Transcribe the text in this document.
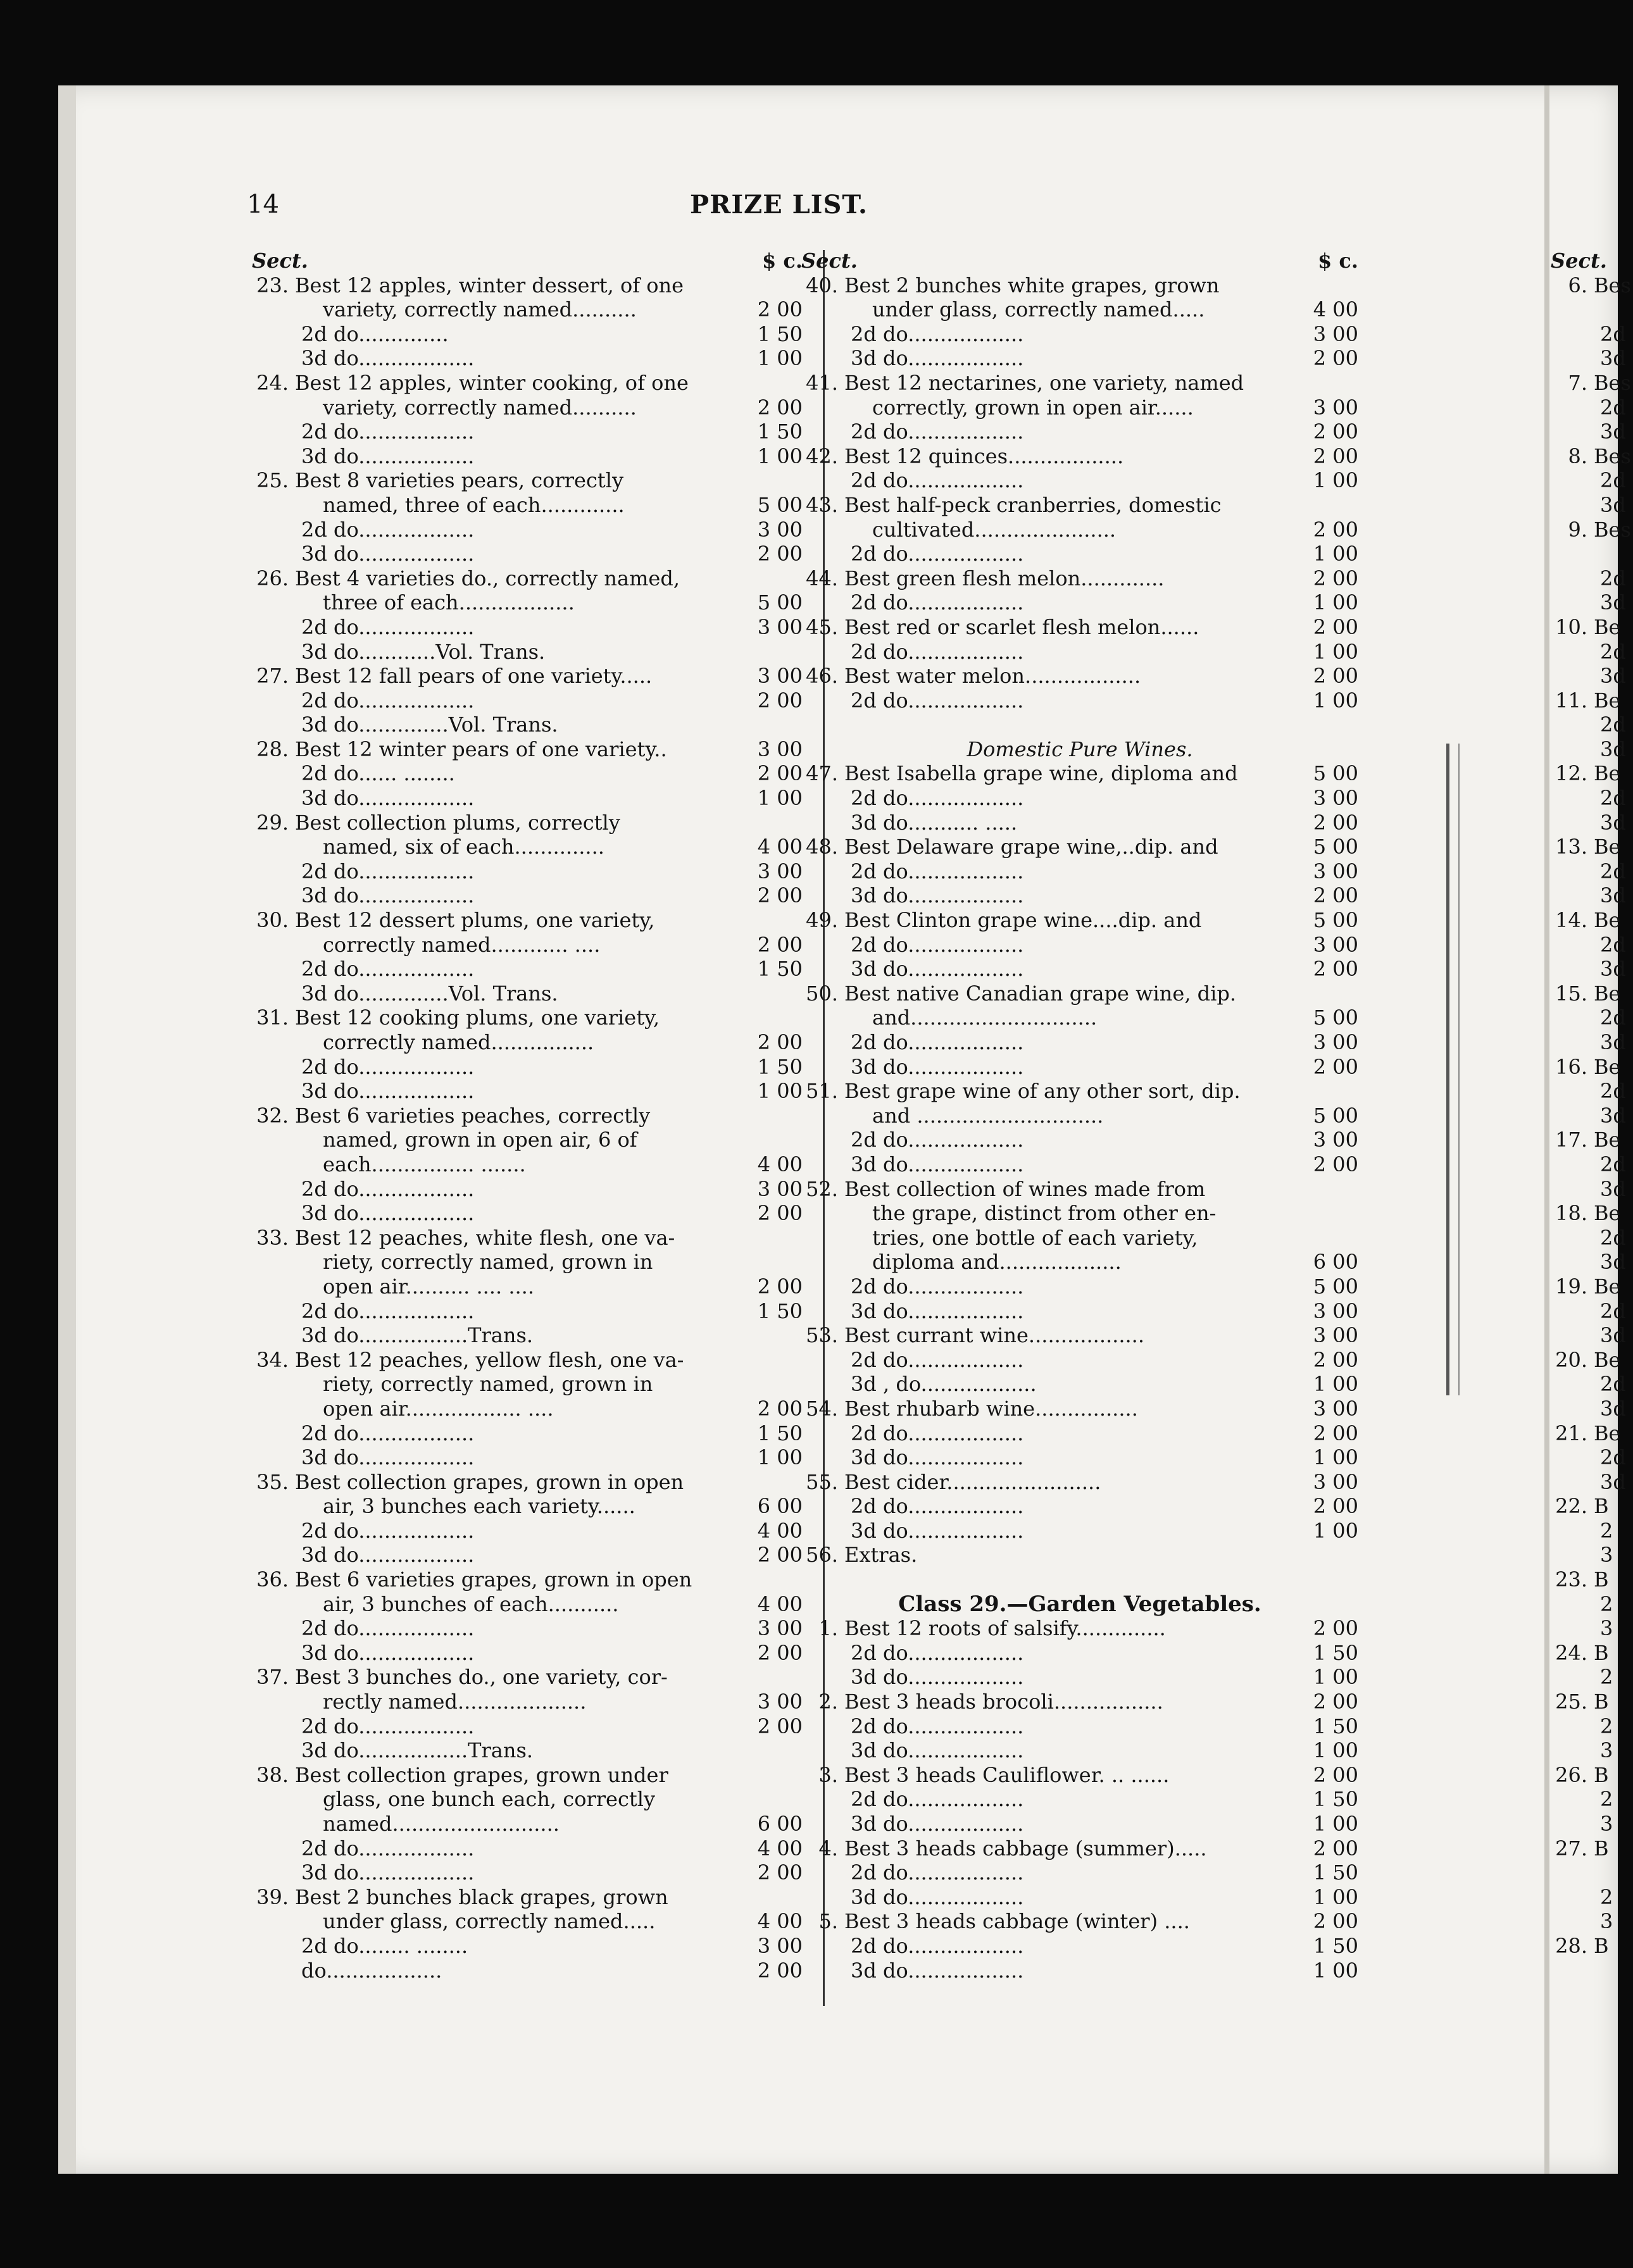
14	PRIZE LIST.
Sect.	$ c.
23. Best 12 apples, winter dessert, of one
variety, correctly named..........	2 00
2d do..............	1 50
3d do..................	1 00
24. Best 12 apples, winter cooking, of one
variety, correctly named..........	2 00
2d do..................	1 50
3d do..................	1 00
25. Best 8 varieties pears, correctly
named, three of each.............	5 00
2d do..................	3 00
3d do..................	2 00
26. Best 4 varieties do., correctly named,
three of each..................	5 00
2d do..................	3 00
3d do............Vol. Trans.
27. Best 12 fall pears of one variety.....	3 00
2d do..................	2 00
3d do..............Vol. Trans.
28. Best 12 winter pears of one variety..	3 00
2d do...... ........	2 00
3d do..................	1 00
29. Best collection plums, correctly
named, six of each..............	4 00
2d do..................	3 00
3d do..................	2 00
30. Best 12 dessert plums, one variety,
correctly named............ ....	2 00
2d do..................	1 50
3d do..............Vol. Trans.
31. Best 12 cooking plums, one variety,
correctly named................	2 00
2d do..................	1 50
3d do..................	1 00
32. Best 6 varieties peaches, correctly
named, grown in open air, 6 of
each................ .......	4 00
2d do..................	3 00
3d do..................	2 00
33. Best 12 peaches, white flesh, one va-
riety, correctly named, grown in
open air.......... .... ....	2 00
2d do..................	1 50
3d do.................Trans.
34. Best 12 peaches, yellow flesh, one va-
riety, correctly named, grown in
open air.................. ....	2 00
2d do..................	1 50
3d do..................	1 00
35. Best collection grapes, grown in open
air, 3 bunches each variety......	6 00
2d do..................	4 00
3d do..................	2 00
36. Best 6 varieties grapes, grown in open
air, 3 bunches of each...........	4 00
2d do..................	3 00
3d do..................	2 00
37. Best 3 bunches do., one variety, cor-
rectly named....................	3 00
2d do..................	2 00
3d do.................Trans.
38. Best collection grapes, grown under
glass, one bunch each, correctly
named..........................	6 00
2d do..................	4 00
3d do..................	2 00
39. Best 2 bunches black grapes, grown
under glass, correctly named.....	4 00
2d do........ ........	3 00
do..................	2 00
Sect.	$ c.
40. Best 2 bunches white grapes, grown
under glass, correctly named.....	4 00
2d do..................	3 00
3d do..................	2 00
41. Best 12 nectarines, one variety, named
correctly, grown in open air......	3 00
2d do..................	2 00
42. Best 12 quinces..................	2 00
2d do..................	1 00
43. Best half-peck cranberries, domestic
cultivated......................	2 00
2d do..................	1 00
44. Best green flesh melon.............	2 00
2d do..................	1 00
45. Best red or scarlet flesh melon......	2 00
2d do..................	1 00
46. Best water melon..................	2 00
2d do..................	1 00
Domestic Pure Wines.
47. Best Isabella grape wine, diploma and	5 00
2d do..................	3 00
3d do........... .....	2 00
48. Best Delaware grape wine,..dip. and	5 00
2d do..................	3 00
3d do..................	2 00
49. Best Clinton grape wine....dip. and	5 00
2d do..................	3 00
3d do..................	2 00
50. Best native Canadian grape wine, dip.
and.............................	5 00
2d do..................	3 00
3d do..................	2 00
51. Best grape wine of any other sort, dip.
and .............................	5 00
2d do..................	3 00
3d do..................	2 00
52. Best collection of wines made from
the grape, distinct from other en-
tries, one bottle of each variety,
diploma and...................	6 00
2d do..................	5 00
3d do..................	3 00
53. Best currant wine..................	3 00
2d do..................	2 00
3d , do..................	1 00
54. Best rhubarb wine................	3 00
2d do..................	2 00
3d do..................	1 00
55. Best cider........................	3 00
2d do..................	2 00
3d do..................	1 00
56. Extras.
Class 29.—Garden Vegetables.
1. Best 12 roots of salsify..............	2 00
2d do..................	1 50
3d do..................	1 00
2. Best 3 heads brocoli.................	2 00
2d do..................	1 50
3d do..................	1 00
3. Best 3 heads Cauliflower. .. ......	2 00
2d do..................	1 50
3d do..................	1 00
4. Best 3 heads cabbage (summer).....	2 00
2d do..................	1 50
3d do..................	1 00
5. Best 3 heads cabbage (winter) ....	2 00
2d do..................	1 50
3d do..................	1 00
Sect.
6. Bes
2d
3d
7. Bes
2d
3d
8. Bes
2d
3d
9. Bes
2d
3d
10. Be
2d
3d
11. Be
2d
3d
12. Be
2d
3d
13. Be
2d
3d
14. Be
2d
3d
15. Be
2d
3d
16. Be
2d
3d
17. Be
2d
3d
18. Be
2d
3d
19. Be
2d
3d
20. Be
2d
3d
21. Be
2d
3d
22. B
2
3
23. B
2
3
24. B
2
25. B
2
3
26. B
2
3
27. B
2
3
28. B
